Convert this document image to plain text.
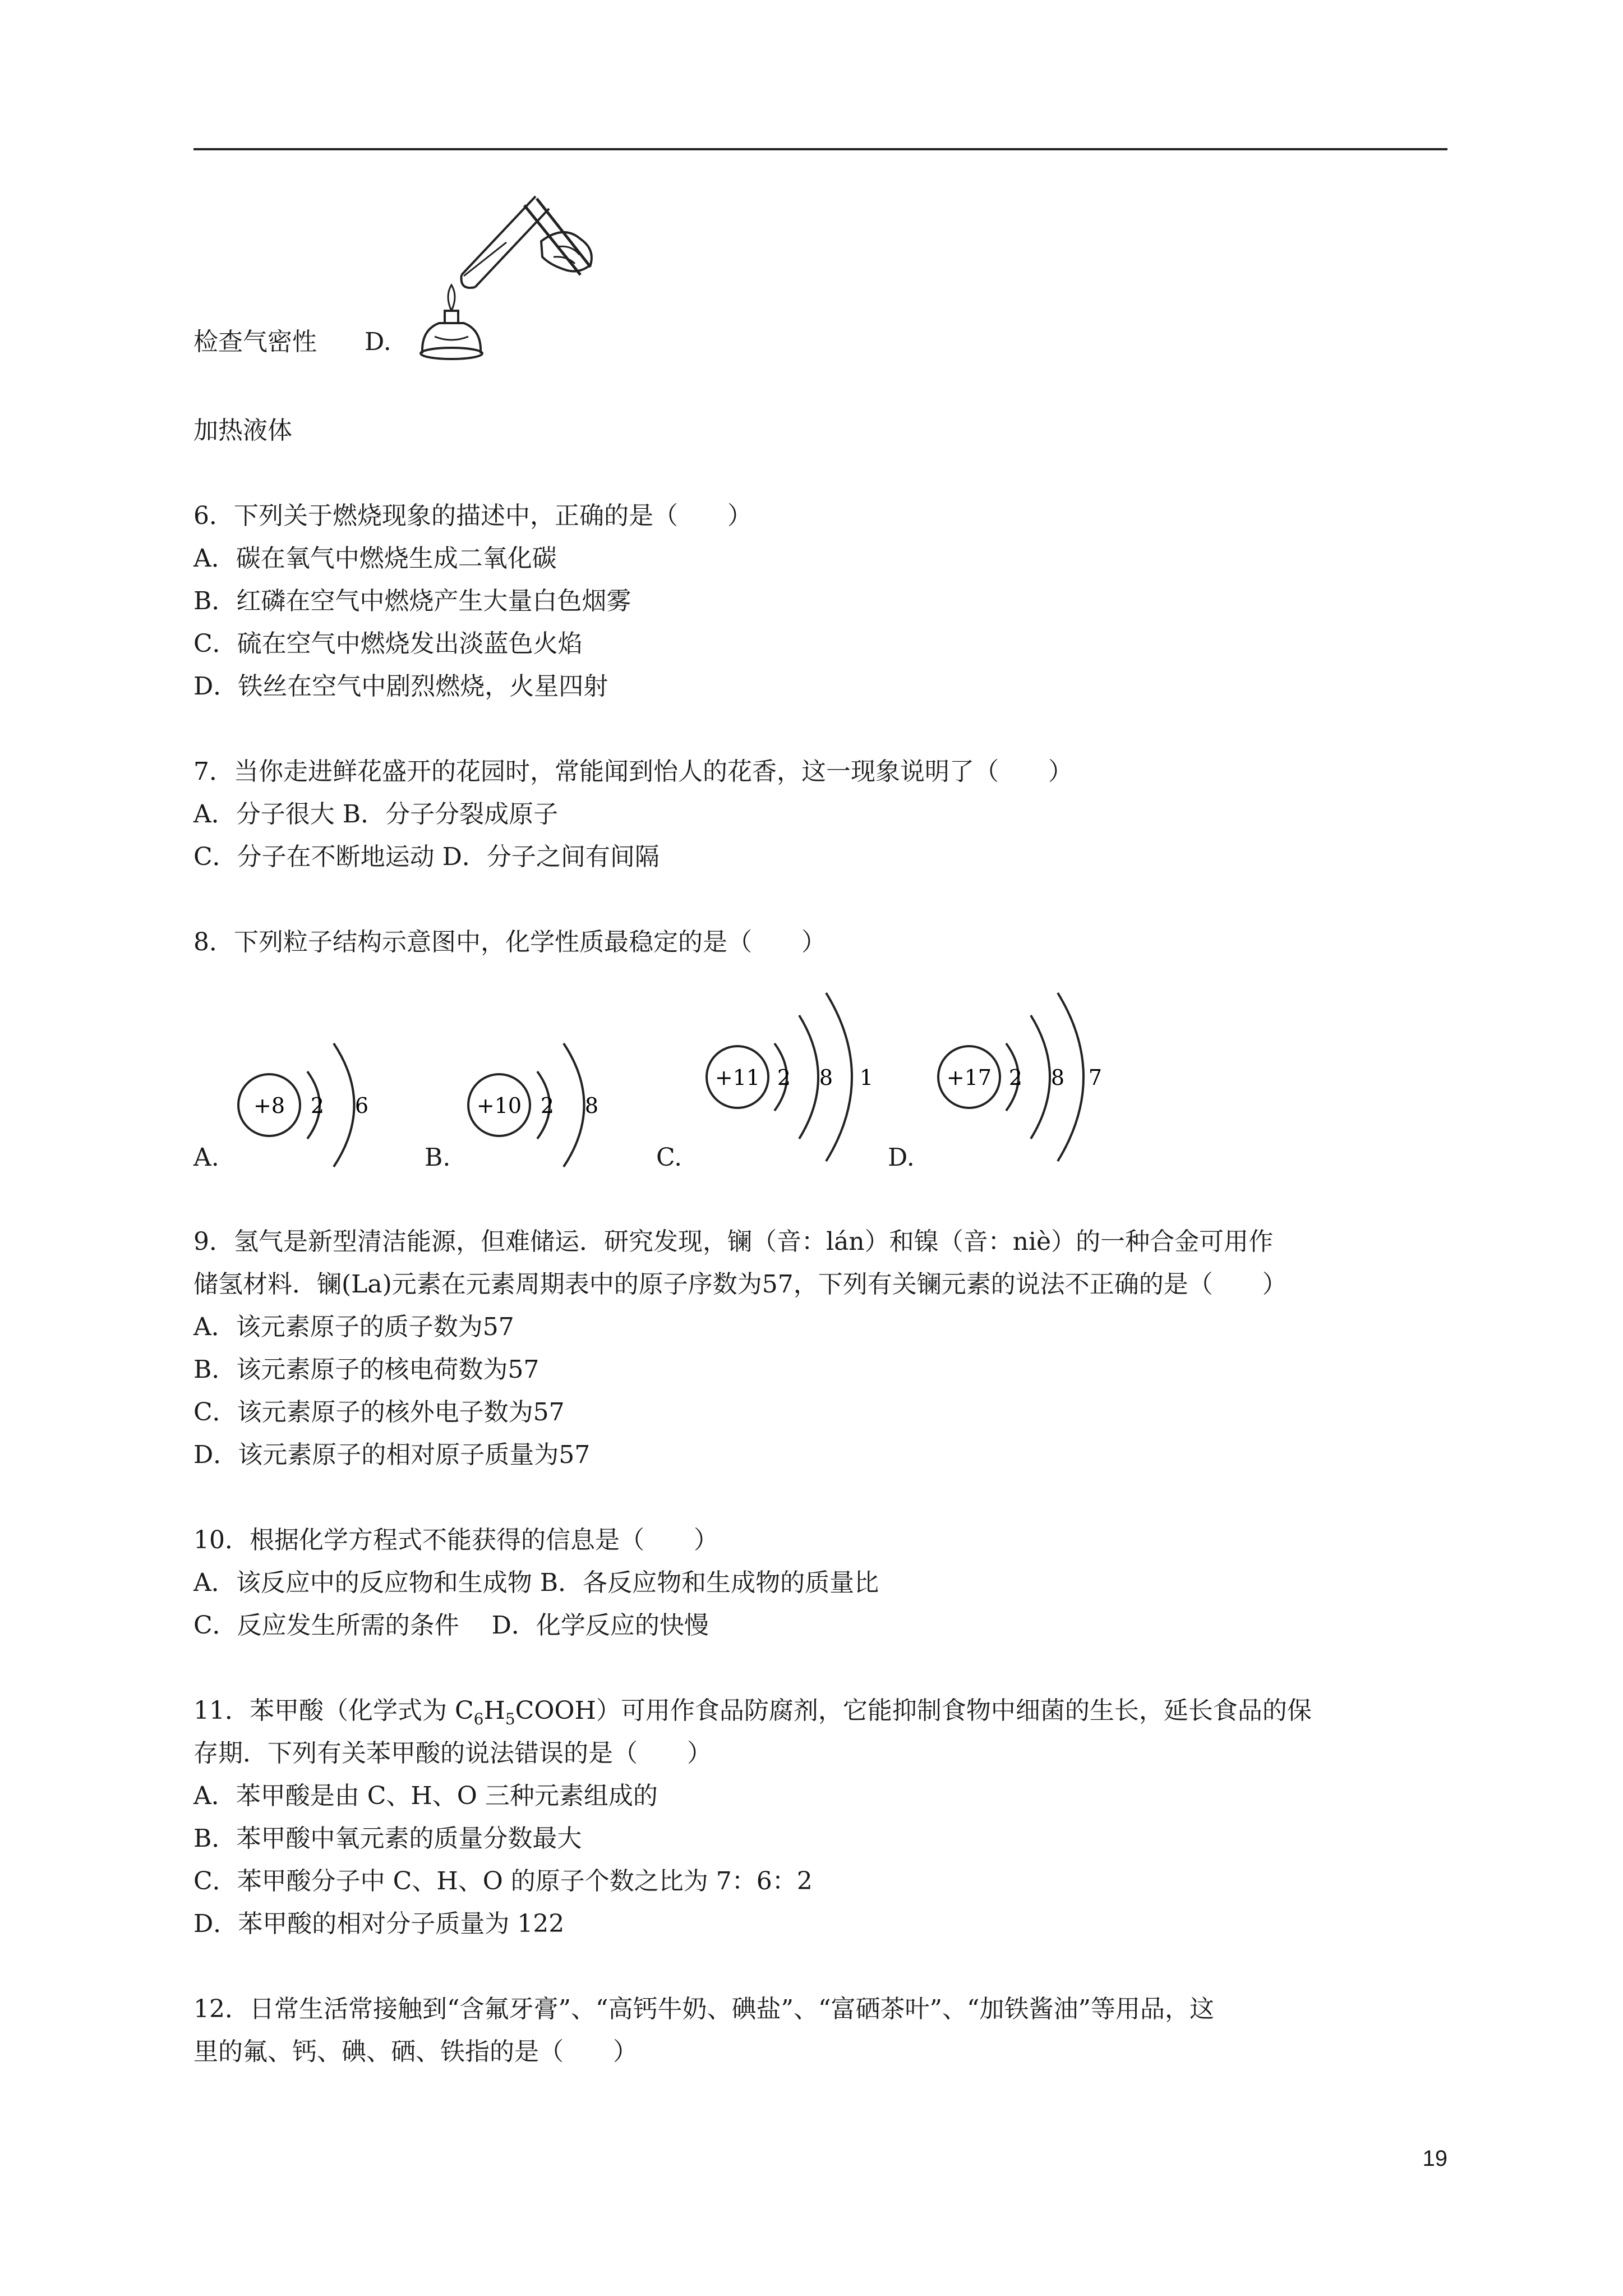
检查气密性 D.
加热液体
6．下列关于燃烧现象的描述中，正确的是（　　）
A．碳在氧气中燃烧生成二氧化碳
B．红磷在空气中燃烧产生大量白色烟雾
C．硫在空气中燃烧发出淡蓝色火焰
D．铁丝在空气中剧烈燃烧，火星四射
7．当你走进鲜花盛开的花园时，常能闻到怡人的花香，这一现象说明了（　　）
A．分子很大 B．分子分裂成原子
C．分子在不断地运动 D．分子之间有间隔
8．下列粒子结构示意图中，化学性质最稳定的是（　　）
+8 2 6
A.
+10 2 8
B.
+11 2 8 1
C.
+17 2 8 7
D.
9．氢气是新型清洁能源，但难储运．研究发现，镧（音：lán）和镍（音：niè）的一种合金可用作
储氢材料．镧(La)元素在元素周期表中的原子序数为57，下列有关镧元素的说法不正确的是（　　）
A．该元素原子的质子数为57
B．该元素原子的核电荷数为57
C．该元素原子的核外电子数为57
D．该元素原子的相对原子质量为57
10．根据化学方程式不能获得的信息是（　　）
A．该反应中的反应物和生成物 B．各反应物和生成物的质量比
C．反应发生所需的条件　 D．化学反应的快慢
11．苯甲酸（化学式为 $C_6H_5COOH$）可用作食品防腐剂，它能抑制食物中细菌的生长，延长食品的保
存期．下列有关苯甲酸的说法错误的是（　　）
A．苯甲酸是由 C、H、O 三种元素组成的
B．苯甲酸中氧元素的质量分数最大
C．苯甲酸分子中 C、H、O 的原子个数之比为 7：6：2
D．苯甲酸的相对分子质量为 122
12．日常生活常接触到“含氟牙膏”、“高钙牛奶、碘盐”、“富硒茶叶”、“加铁酱油”等用品，这
里的氟、钙、碘、硒、铁指的是（　　）
19
